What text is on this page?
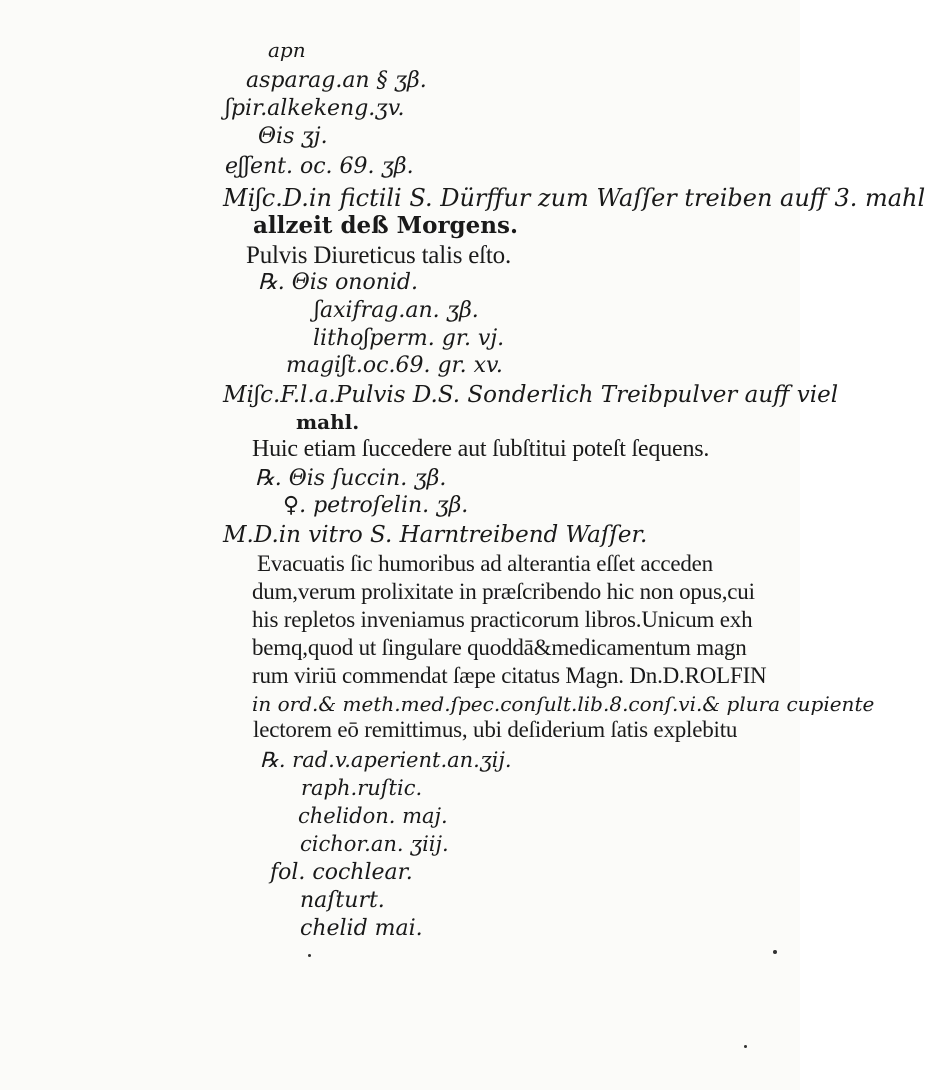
apn
asparag.an § ʒβ.
ʃpir.alkekeng.ʒv.
Θis ʒj.
eʃʃent. oc. 69. ʒβ.
Miʃc.D.in fictili S. Dürffur zum Waſſer treiben auff 3. mahl
allzeit deß Morgens.
Pulvis Diureticus talis eſto.
℞. Θis ononid.
ʃaxifrag.an. ʒβ.
lithoʃperm. gr. vj.
magiʃt.oc.69. gr. xv.
Miʃc.F.l.a.Pulvis D.S. Sonderlich Treibpulver auff viel
mahl.
Huic etiam ſuccedere aut ſubſtitui poteſt ſequens.
℞. Θis ſuccin. ʒβ.
♀. petroſelin. ʒβ.
M.D.in vitro S. Harntreibend Waſſer.
Evacuatis ſic humoribus ad alterantia eſſet acceden
dum,verum prolixitate in præſcribendo hic non opus,cui
his repletos inveniamus practicorum libros.Unicum exh
bemq,quod ut ſingulare quoddā&medicamentum magn
rum viriū commendat ſæpe citatus Magn. Dn.D.ROLFIN
in ord.& meth.med.ſpec.conſult.lib.8.conſ.vi.& plura cupiente
lectorem eō remittimus, ubi deſiderium ſatis explebitu
℞. rad.v.aperient.an.ʒij.
raph.ruſtic.
chelidon. maj.
cichor.an. ʒiij.
fol. cochlear.
naſturt.
chelid mai.
